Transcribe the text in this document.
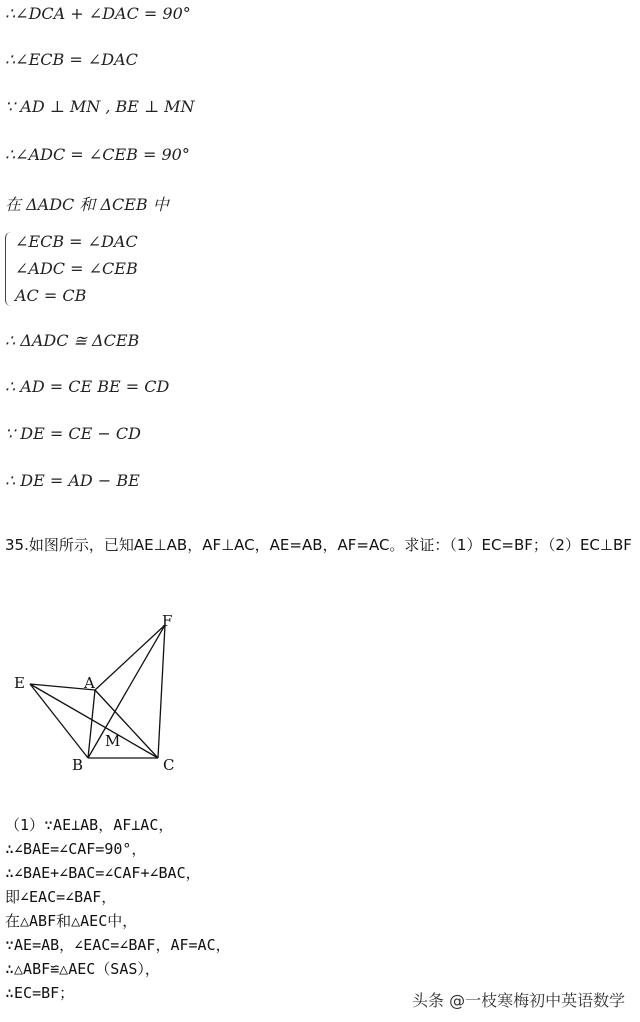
∴∠DCA + ∠DAC = 90°
∴∠ECB = ∠DAC
∵ AD ⊥ MN , BE ⊥ MN
∴∠ADC = ∠CEB = 90°
在 ΔADC 和 ΔCEB 中
∠ECB = ∠DAC
∠ADC = ∠CEB
AC = CB
∴ ΔADC ≅ ΔCEB
∴ AD = CE BE = CD
∵ DE = CE − CD
∴ DE = AD − BE
35.如图所示，已知AE⊥AB，AF⊥AC，AE=AB，AF=AC。求证：（1）EC=BF；（2）EC⊥BF
F
E	A
M
B	C
（1）∵AE⊥AB，AF⊥AC，
∴∠BAE=∠CAF=90°，
∴∠BAE+∠BAC=∠CAF+∠BAC，
即∠EAC=∠BAF，
在△ABF和△AEC中，
∵AE=AB，∠EAC=∠BAF，AF=AC，
∴△ABF≌△AEC（SAS），
∴EC=BF；	头条 @一枝寒梅初中英语数学
